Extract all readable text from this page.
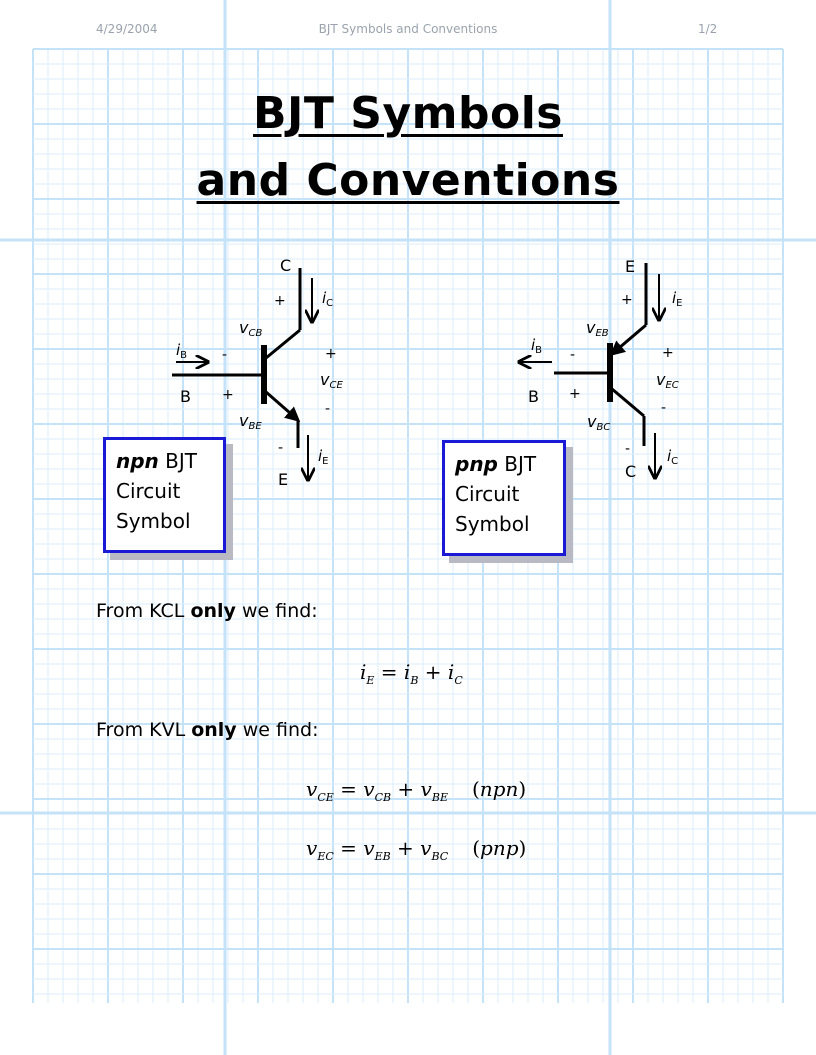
4/29/2004	BJT Symbols and Conventions	1/2
BJT Symbols
and Conventions
C
B
E
$i_C$
$i_B$
$i_E$
vCB
vCE
vBE
+
-	+
-
+
-
E
B
C
$i_E$
$i_B$
$i_C$
vEB
vEC
vBC
+
-	+
-
+
-
npn BJT
Circuit
Symbol
pnp BJT
Circuit
Symbol
From KCL only we find:
$i_E = i_B + i_C$
From KVL only we find:
$v_{CE} = v_{CB} + v_{BE}$ (npn)
$v_{EC} = v_{EB} + v_{BC}$ (pnp)
